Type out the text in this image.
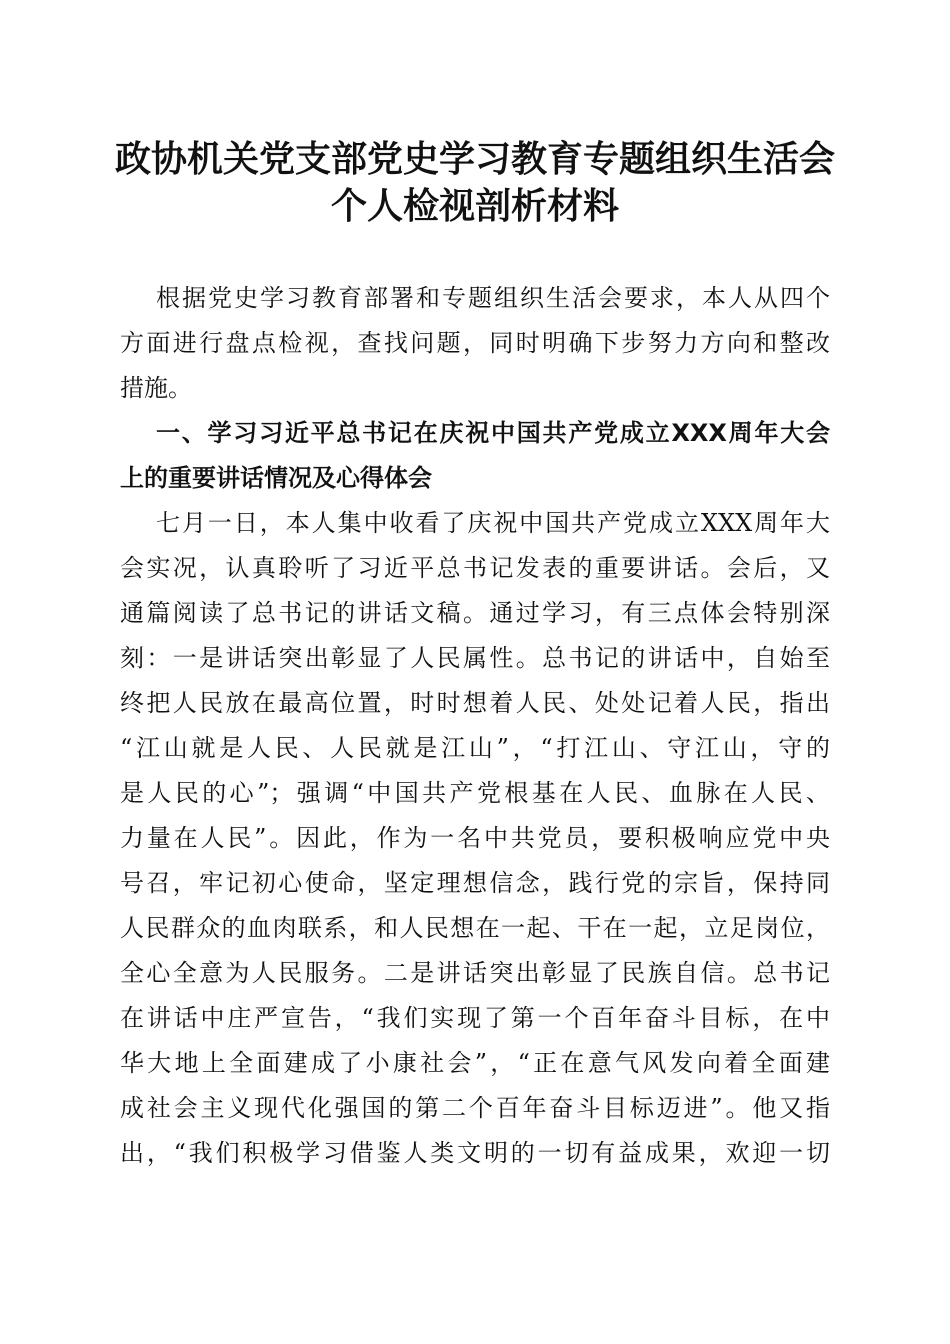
政协机关党支部党史学习教育专题组织生活会
个人检视剖析材料
根据党史学习教育部署和专题组织生活会要求，本人从四个
方面进行盘点检视，查找问题，同时明确下步努力方向和整改
措施。
一、学习习近平总书记在庆祝中国共产党成立XXX周年大会
上的重要讲话情况及心得体会
七月一日，本人集中收看了庆祝中国共产党成立XXX周年大
会实况，认真聆听了习近平总书记发表的重要讲话。会后，又
通篇阅读了总书记的讲话文稿。通过学习，有三点体会特别深
刻：一是讲话突出彰显了人民属性。总书记的讲话中，自始至
终把人民放在最高位置，时时想着人民、处处记着人民，指出
“江山就是人民、人民就是江山”，“打江山、守江山，守的
是人民的心”；强调“中国共产党根基在人民、血脉在人民、
力量在人民”。因此，作为一名中共党员，要积极响应党中央
号召，牢记初心使命，坚定理想信念，践行党的宗旨，保持同
人民群众的血肉联系，和人民想在一起、干在一起，立足岗位，
全心全意为人民服务。二是讲话突出彰显了民族自信。总书记
在讲话中庄严宣告，“我们实现了第一个百年奋斗目标，在中
华大地上全面建成了小康社会”，“正在意气风发向着全面建
成社会主义现代化强国的第二个百年奋斗目标迈进”。他又指
出，“我们积极学习借鉴人类文明的一切有益成果，欢迎一切
